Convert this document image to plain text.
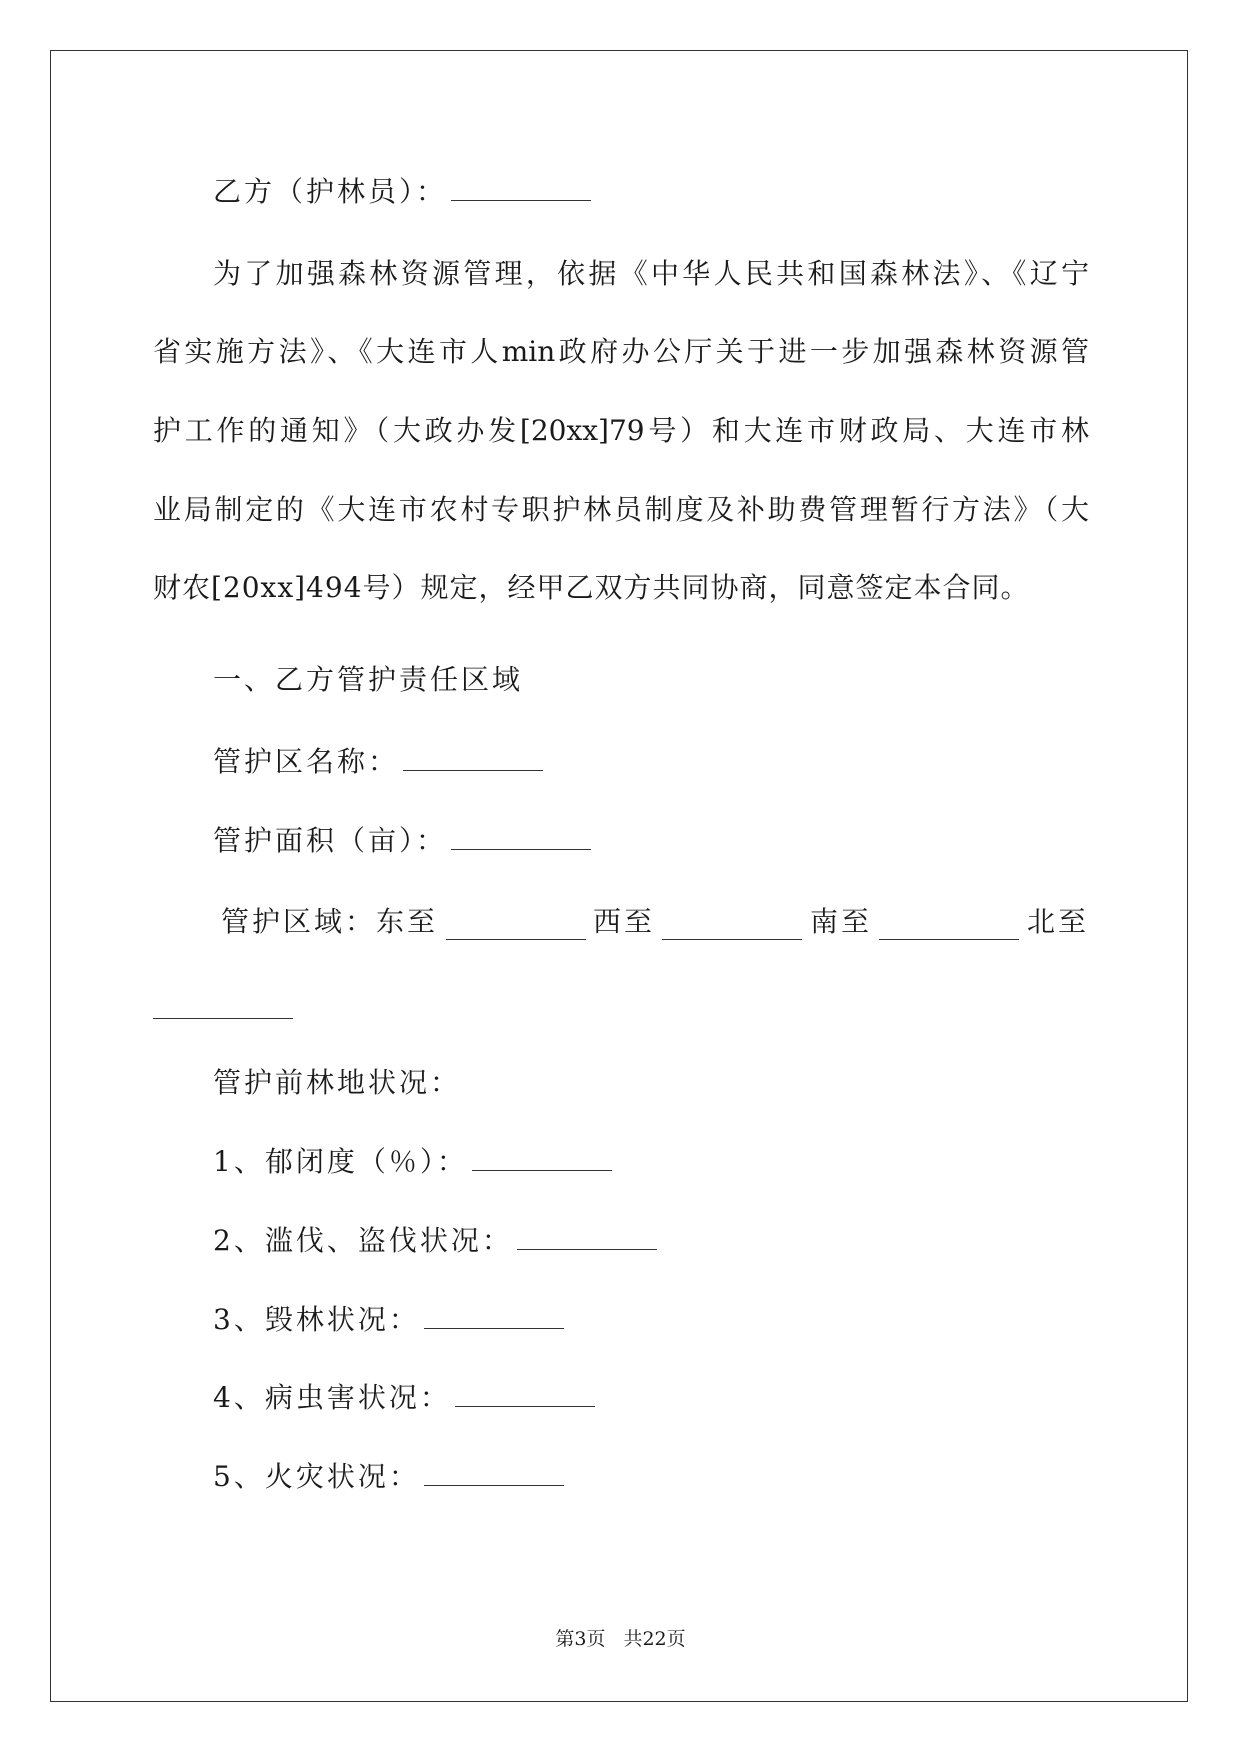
乙方（护林员）：
为了加强森林资源管理，依据《中华人民共和国森林法》、《辽宁
省实施方法》、《大连市人min政府办公厅关于进一步加强森林资源管
护工作的通知》（大政办发[20xx]79号）和大连市财政局、大连市林
业局制定的《大连市农村专职护林员制度及补助费管理暂行方法》（大
财农[20xx]494号）规定，经甲乙双方共同协商，同意签定本合同。
一、乙方管护责任区域
管护区名称：
管护面积（亩）：
管护区域：东至	西至	南至	北至
管护前林地状况：
1、郁闭度（％）：
2、滥伐、盗伐状况：
3、毁林状况：
4、病虫害状况：
5、火灾状况：
第3页 共22页
